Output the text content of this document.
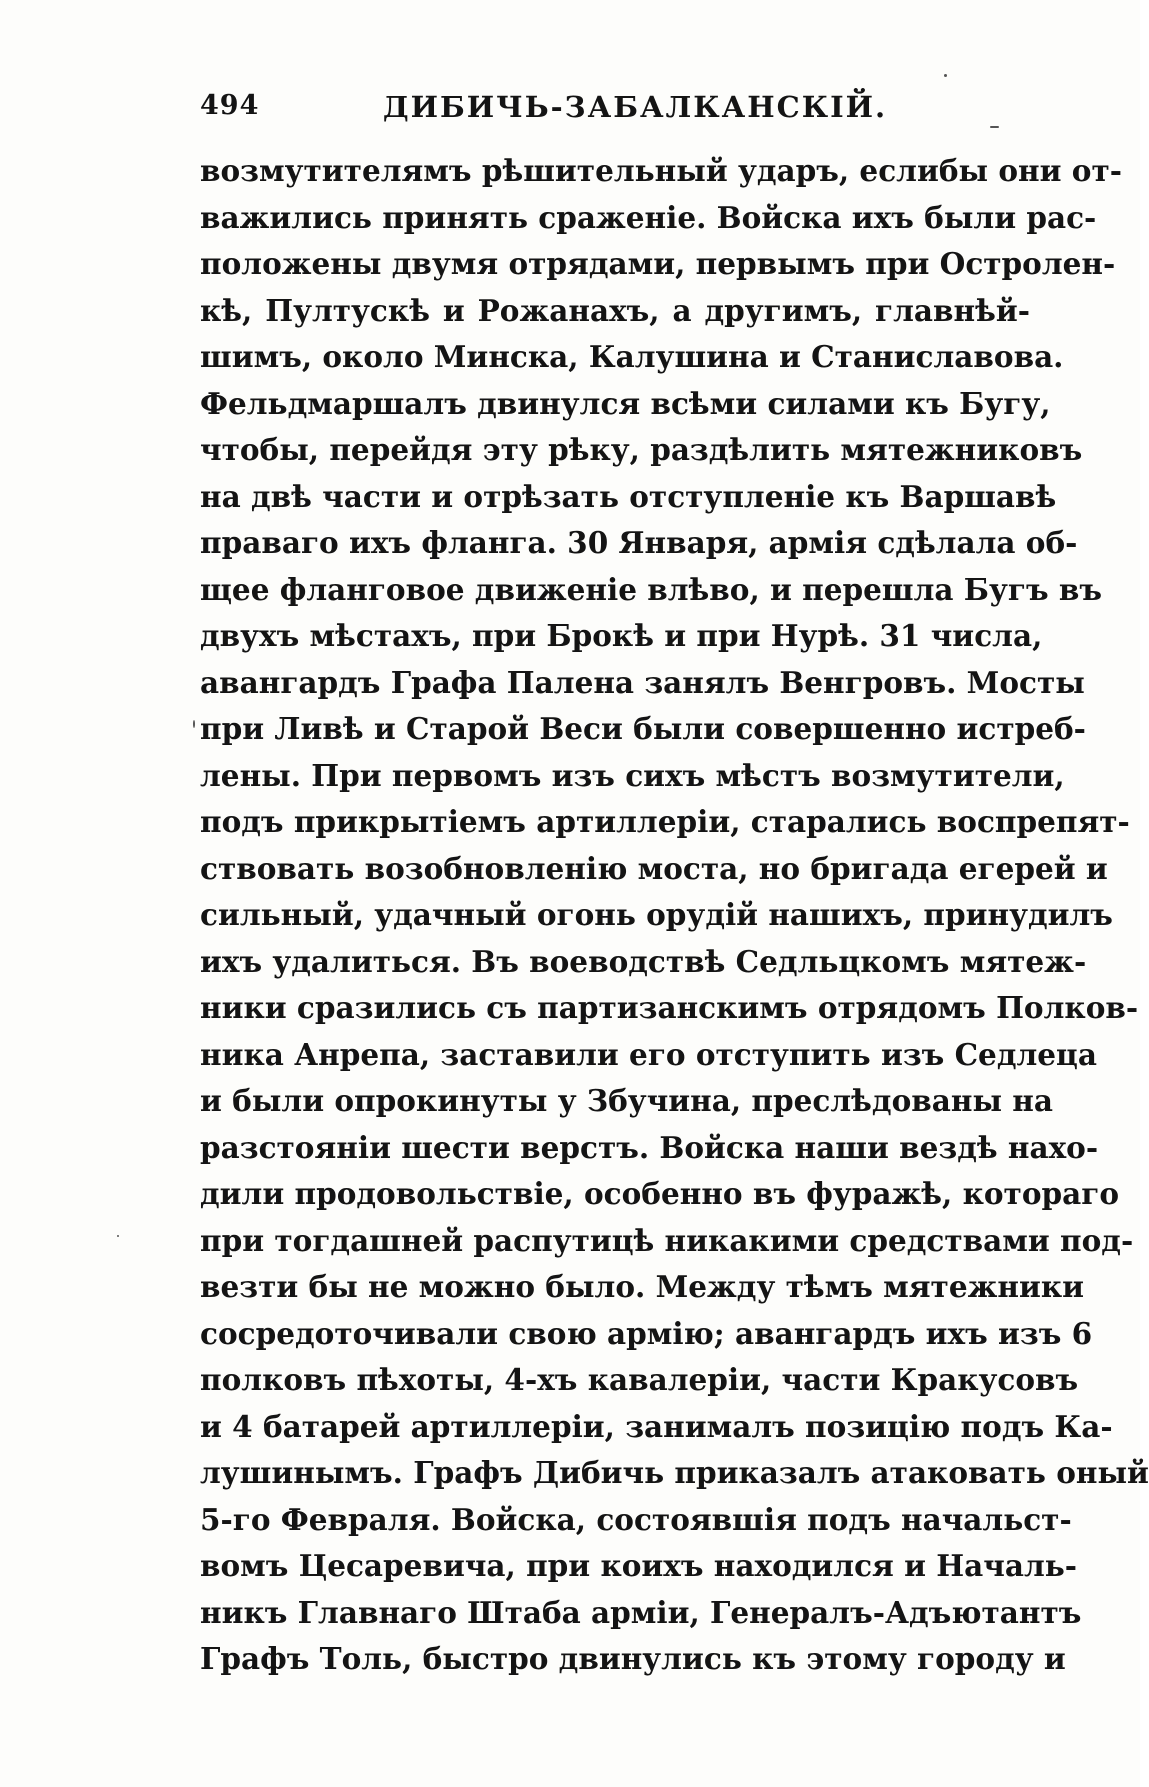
494	ДИБИЧЬ-ЗАБАЛКАНСКІЙ.
возмутителямъ рѣшительный ударъ, еслибы они от-
важились принять сраженіе. Войска ихъ были рас-
положены двумя отрядами, первымъ при Остролен-
кѣ, Пултускѣ и Рожанахъ, а другимъ, главнѣй-
шимъ, около Минска, Калушина и Станиславова.
Фельдмаршалъ двинулся всѣми силами къ Бугу,
чтобы, перейдя эту рѣку, раздѣлить мятежниковъ
на двѣ части и отрѣзать отступленіе къ Варшавѣ
праваго ихъ фланга. 30 Января, армія сдѣлала об-
щее фланговое движеніе влѣво, и перешла Бугъ въ
двухъ мѣстахъ, при Брокѣ и при Нурѣ. 31 числа,
авангардъ Графа Палена занялъ Венгровъ. Мосты
при Ливѣ и Старой Веси были совершенно истреб-
лены. При первомъ изъ сихъ мѣстъ возмутители,
подъ прикрытіемъ артиллеріи, старались воспрепят-
ствовать возобновленію моста, но бригада егерей и
сильный, удачный огонь орудій нашихъ, принудилъ
ихъ удалиться. Въ воеводствѣ Седльцкомъ мятеж-
ники сразились съ партизанскимъ отрядомъ Полков-
ника Анрепа, заставили его отступить изъ Седлеца
и были опрокинуты у Збучина, преслѣдованы на
разстояніи шести верстъ. Войска наши вездѣ нахо-
дили продовольствіе, особенно въ фуражѣ, котораго
при тогдашней распутицѣ никакими средствами под-
везти бы не можно было. Между тѣмъ мятежники
сосредоточивали свою армію; авангардъ ихъ изъ 6
полковъ пѣхоты, 4-хъ кавалеріи, части Кракусовъ
и 4 батарей артиллеріи, занималъ позицію подъ Ка-
лушинымъ. Графъ Дибичь приказалъ атаковать оный
5-го Февраля. Войска, состоявшія подъ начальст-
вомъ Цесаревича, при коихъ находился и Началь-
никъ Главнаго Штаба арміи, Генералъ-Адъютантъ
Графъ Толь, быстро двинулись къ этому городу и
